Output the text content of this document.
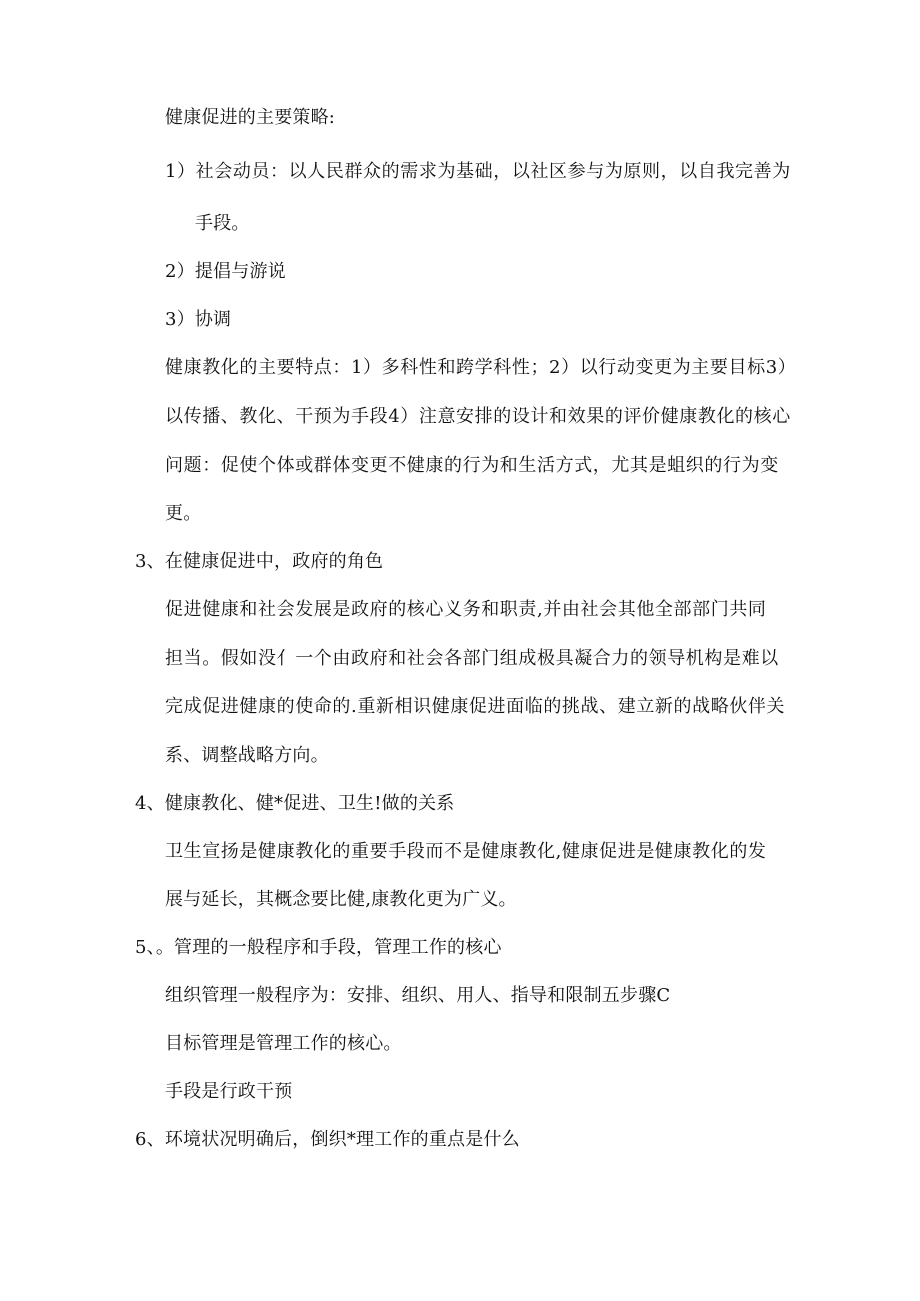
健康促进的主要策略:
1）社会动员：以人民群众的需求为基础，以社区参与为原则，以自我完善为
手段。
2）提倡与游说
3）协调
健康教化的主要特点：1）多科性和跨学科性；2）以行动变更为主要目标3）
以传播、教化、干预为手段4）注意安排的设计和效果的评价健康教化的核心
问题：促使个体或群体变更不健康的行为和生活方式，尤其是蛆织的行为变
更。
3、在健康促进中，政府的角色
促进健康和社会发展是政府的核心义务和职责,并由社会其他全部部门共同
担当。假如没亻一个由政府和社会各部门组成极具凝合力的领导机构是难以
完成促进健康的使命的.重新相识健康促进面临的挑战、建立新的战略伙伴关
系、调整战略方向。
4、健康教化、健*促进、卫生!做的关系
卫生宣扬是健康教化的重要手段而不是健康教化,健康促进是健康教化的发
展与延长，其概念要比健,康教化更为广义。
5、。管理的一般程序和手段，管理工作的核心
组织管理一般程序为：安排、组织、用人、指导和限制五步骤C
目标管理是管理工作的核心。
手段是行政干预
6、环境状况明确后，倒织*理工作的重点是什么
